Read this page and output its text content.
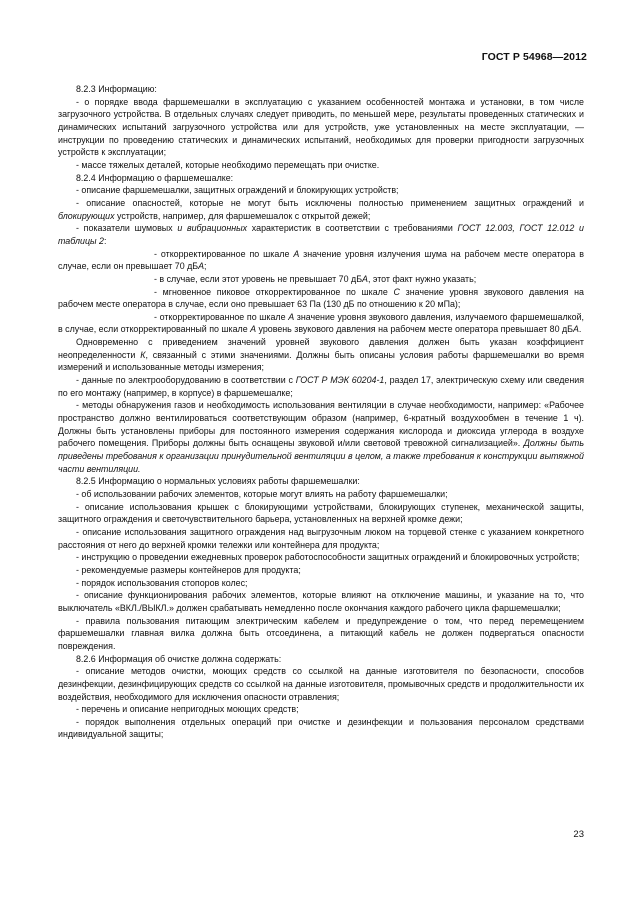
ГОСТ Р 54968—2012

8.2.3 Информацию:

- о порядке ввода фаршемешалки в эксплуатацию с указанием особенностей монтажа и установки, в том числе загрузочного устройства. В отдельных случаях следует приводить, по меньшей мере, результаты проведенных статических и динамических испытаний загрузочного устройства или для устройств, уже установленных на месте эксплуатации, — инструкции по проведению статических и динамических испытаний, необходимых для проверки пригодности загрузочных устройств к эксплуатации;

- массе тяжелых деталей, которые необходимо перемещать при очистке.

8.2.4 Информацию о фаршемешалке:

- описание фаршемешалки, защитных ограждений и блокирующих устройств;

- описание опасностей, которые не могут быть исключены полностью применением защитных ограждений и блокирующих устройств, например, для фаршемешалок с открытой дежей;

- показатели шумовых и вибрационных характеристик в соответствии с требованиями ГОСТ 12.003, ГОСТ 12.012 и таблицы 2:

- откорректированное по шкале А значение уровня излучения шума на рабочем месте оператора в случае, если он превышает 70 дБА;

- в случае, если этот уровень не превышает 70 дБА, этот факт нужно указать;

- мгновенное пиковое откорректированное по шкале С значение уровня звукового давления на рабочем месте оператора в случае, если оно превышает 63 Па (130 дБ по отношению к 20 мПа);

- откорректированное по шкале А значение уровня звукового давления, излучаемого фаршемешалкой, в случае, если откорректированный по шкале А уровень звукового давления на рабочем месте оператора превышает 80 дБА.

Одновременно с приведением значений уровней звукового давления должен быть указан коэффициент неопределенности К, связанный с этими значениями. Должны быть описаны условия работы фаршемешалки во время измерений и использованные методы измерения;

- данные по электрооборудованию в соответствии с ГОСТ Р МЭК 60204-1, раздел 17, электрическую схему или сведения по его монтажу (например, в корпусе) в фаршемешалке;

- методы обнаружения газов и необходимость использования вентиляции в случае необходимости, например: «Рабочее пространство должно вентилироваться соответствующим образом (например, 6-кратный воздухообмен в течение 1 ч). Должны быть установлены приборы для постоянного измерения содержания кислорода и диоксида углерода в воздухе рабочего помещения. Приборы должны быть оснащены звуковой и/или световой тревожной сигнализацией». Должны быть приведены требования к организации принудительной вентиляции в целом, а также требования к конструкции вытяжной части вентиляции.

8.2.5 Информацию о нормальных условиях работы фаршемешалки:

- об использовании рабочих элементов, которые могут влиять на работу фаршемешалки;

- описание использования крышек с блокирующими устройствами, блокирующих ступенек, механической защиты, защитного ограждения и светочувствительного барьера, установленных на верхней кромке дежи;

- описание использования защитного ограждения над выгрузочным люком на торцевой стенке с указанием конкретного расстояния от него до верхней кромки тележки или контейнера для продукта;

- инструкцию о проведении ежедневных проверок работоспособности защитных ограждений и блокировочных устройств;

- рекомендуемые размеры контейнеров для продукта;

- порядок использования стопоров колес;

- описание функционирования рабочих элементов, которые влияют на отключение машины, и указание на то, что выключатель «ВКЛ./ВЫКЛ.» должен срабатывать немедленно после окончания каждого рабочего цикла фаршемешалки;

- правила пользования питающим электрическим кабелем и предупреждение о том, что перед перемещением фаршемешалки главная вилка должна быть отсоединена, а питающий кабель не должен подвергаться опасности повреждения.

8.2.6 Информация об очистке должна содержать:

- описание методов очистки, моющих средств со ссылкой на данные изготовителя по безопасности, способов дезинфекции, дезинфицирующих средств со ссылкой на данные изготовителя, промывочных средств и продолжительности их воздействия, необходимого для исключения опасности отравления;

- перечень и описание непригодных моющих средств;

- порядок выполнения отдельных операций при очистке и дезинфекции и пользования персоналом средствами индивидуальной защиты;

23
